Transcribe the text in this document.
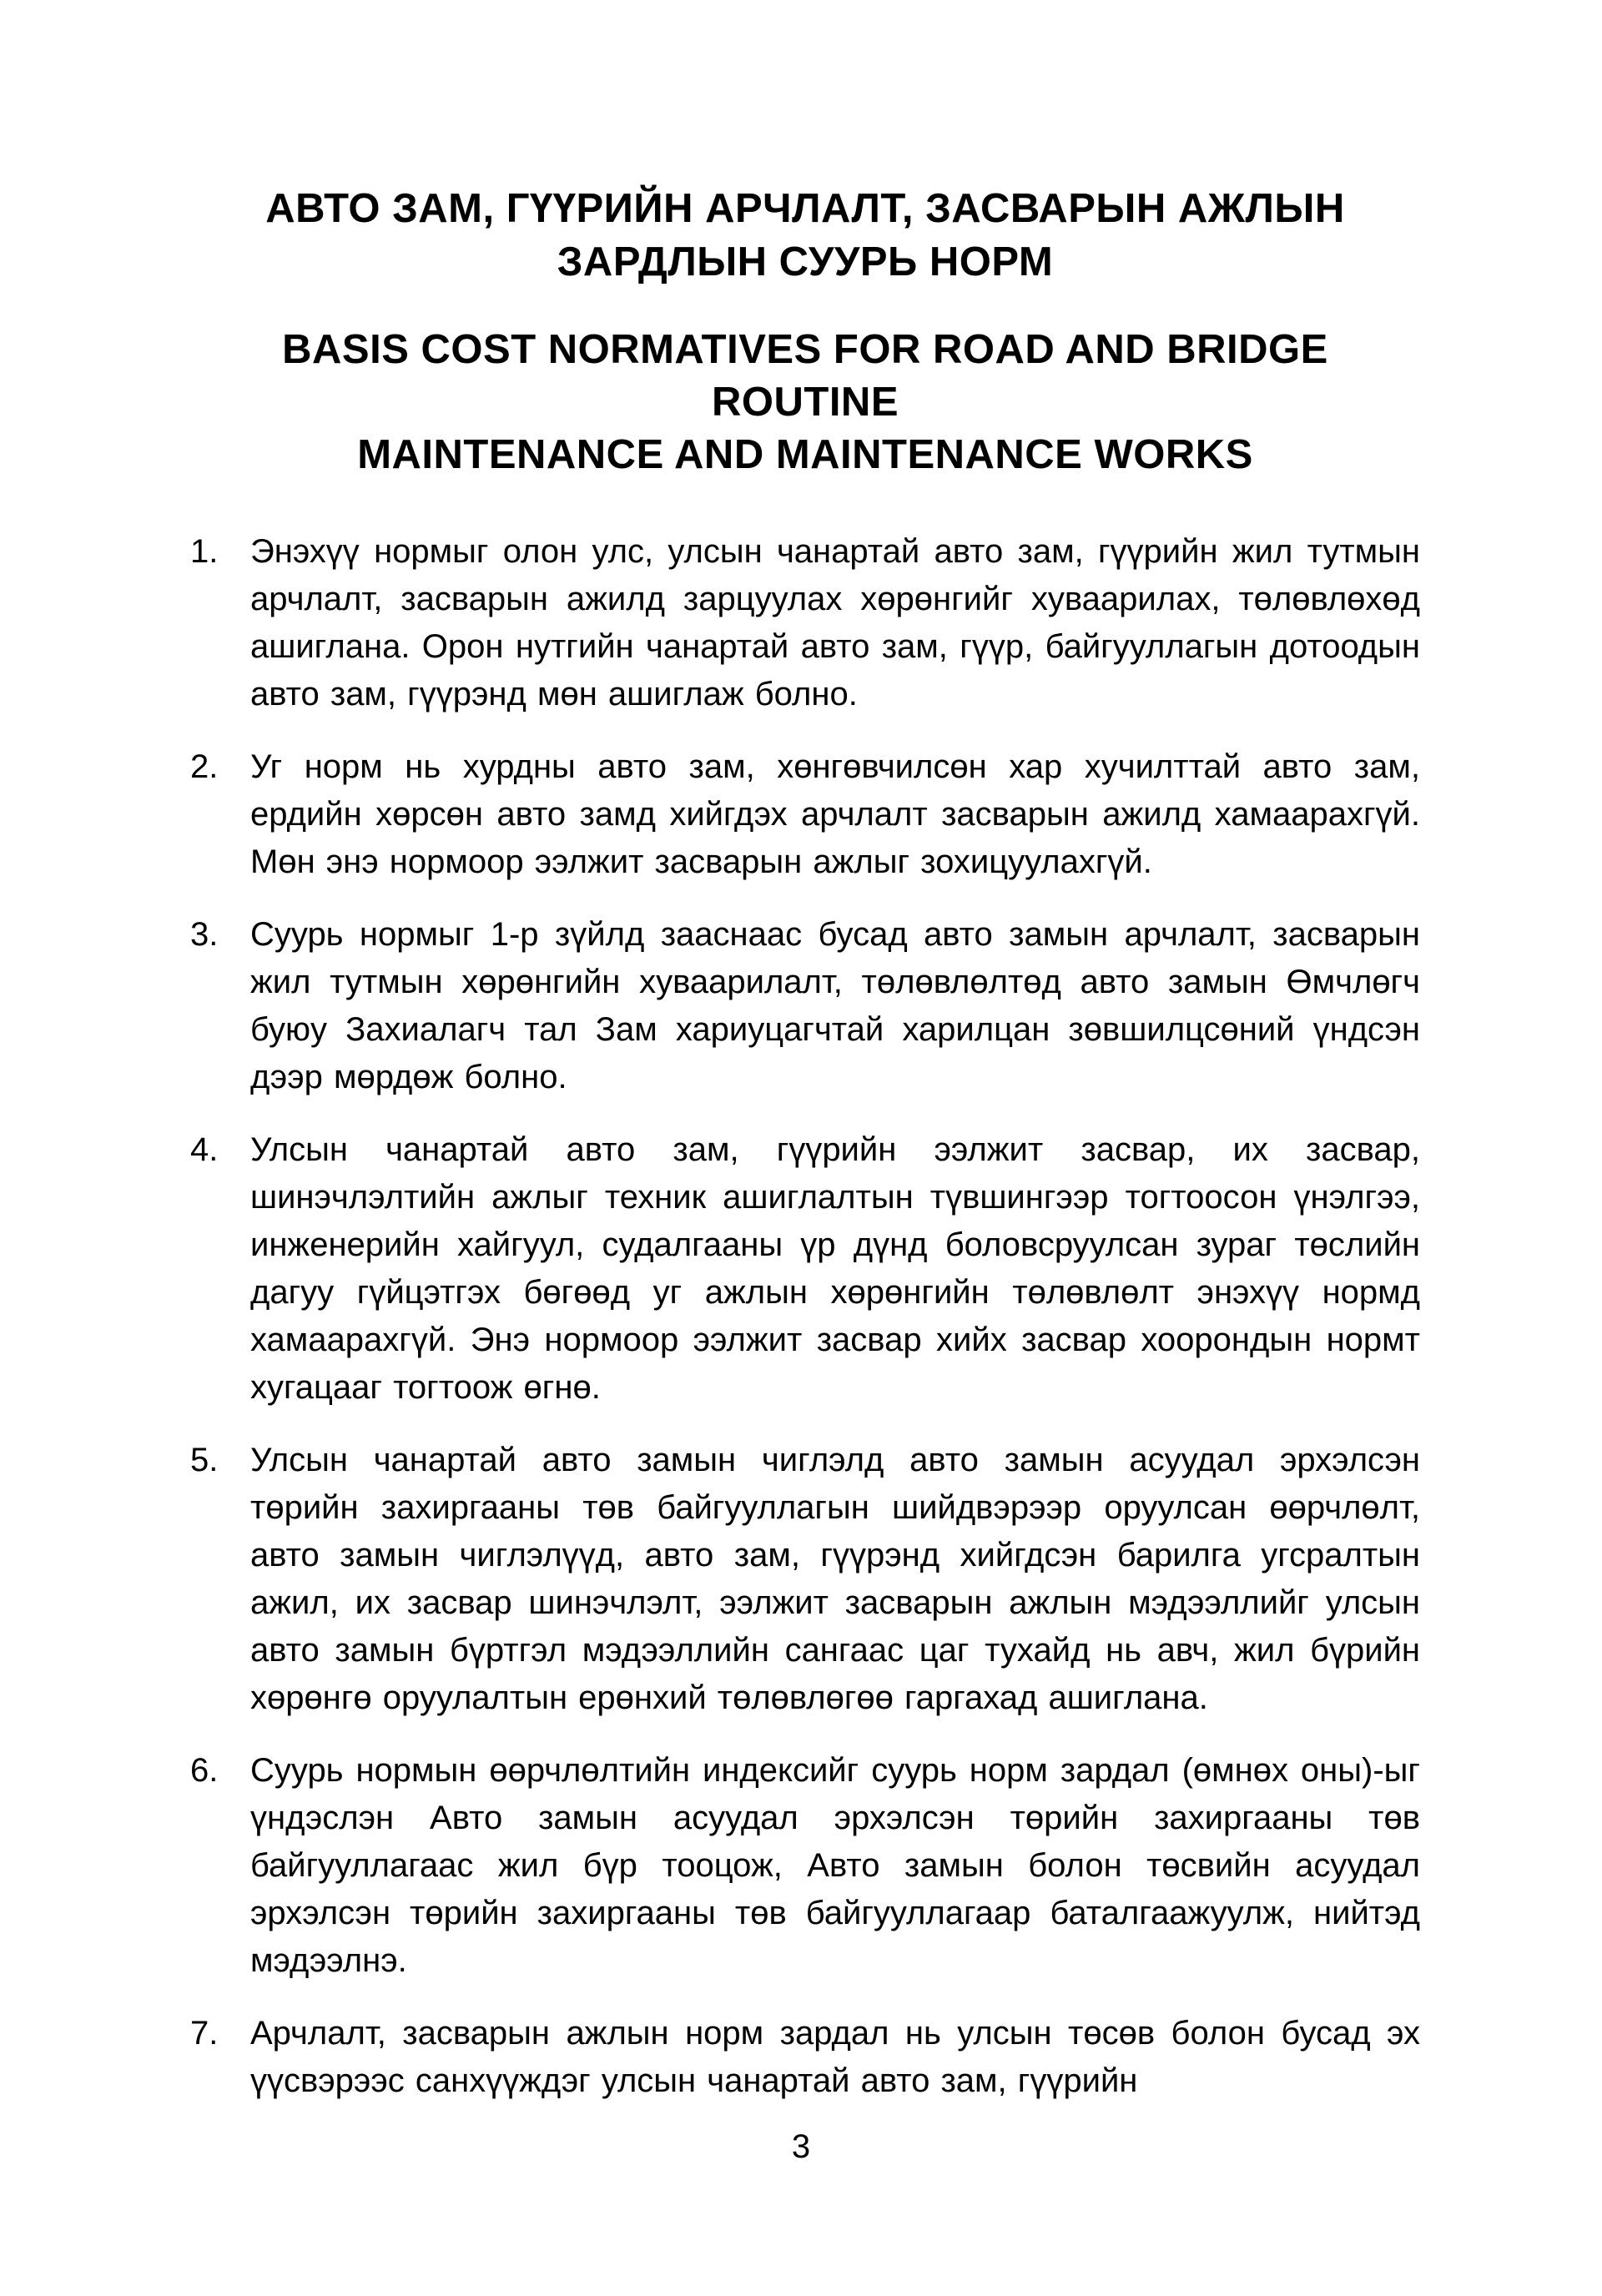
АВТО ЗАМ, ГҮҮРИЙН АРЧЛАЛТ, ЗАСВАРЫН АЖЛЫН
ЗАРДЛЫН СУУРЬ НОРМ
BASIS COST NORMATIVES FOR ROAD AND BRIDGE ROUTINE
MAINTENANCE AND MAINTENANCE WORKS
1. Энэхүү нормыг олон улс, улсын чанартай авто зам, гүүрийн жил тутмын арчлалт, засварын ажилд зарцуулах хөрөнгийг хуваарилах, төлөвлөхөд ашиглана. Орон нутгийн чанартай авто зам, гүүр, байгууллагын дотоодын авто зам, гүүрэнд мөн ашиглаж болно.

2. Уг норм нь хурдны авто зам, хөнгөвчилсөн хар хучилттай авто зам, ердийн хөрсөн авто замд хийгдэх арчлалт засварын ажилд хамаарахгүй. Мөн энэ нормоор ээлжит засварын ажлыг зохицуулахгүй.

3. Суурь нормыг 1-р зүйлд зааснаас бусад авто замын арчлалт, засварын жил тутмын хөрөнгийн хуваарилалт, төлөвлөлтөд авто замын Өмчлөгч буюу Захиалагч тал Зам хариуцагчтай харилцан зөвшилцсөний үндсэн дээр мөрдөж болно.

4. Улсын чанартай авто зам, гүүрийн ээлжит засвар, их засвар, шинэчлэлтийн ажлыг техник ашиглалтын түвшингээр тогтоосон үнэлгээ, инженерийн хайгуул, судалгааны үр дүнд боловсруулсан зураг төслийн дагуу гүйцэтгэх бөгөөд уг ажлын хөрөнгийн төлөвлөлт энэхүү нормд хамаарахгүй. Энэ нормоор ээлжит засвар хийх засвар хоорондын нормт хугацааг тогтоож өгнө.

5. Улсын чанартай авто замын чиглэлд авто замын асуудал эрхэлсэн төрийн захиргааны төв байгууллагын шийдвэрээр оруулсан өөрчлөлт, авто замын чиглэлүүд, авто зам, гүүрэнд хийгдсэн барилга угсралтын ажил, их засвар шинэчлэлт, ээлжит засварын ажлын мэдээллийг улсын авто замын бүртгэл мэдээллийн сангаас цаг тухайд нь авч, жил бүрийн хөрөнгө оруулалтын ерөнхий төлөвлөгөө гаргахад ашиглана.

6. Суурь нормын өөрчлөлтийн индексийг суурь норм зардал (өмнөх оны)-ыг үндэслэн Авто замын асуудал эрхэлсэн төрийн захиргааны төв байгууллагаас жил бүр тооцож, Авто замын болон төсвийн асуудал эрхэлсэн төрийн захиргааны төв байгууллагаар баталгаажуулж, нийтэд мэдээлнэ.

7. Арчлалт, засварын ажлын норм зардал нь улсын төсөв болон бусад эх үүсвэрээс санхүүждэг улсын чанартай авто зам, гүүрийн

3
